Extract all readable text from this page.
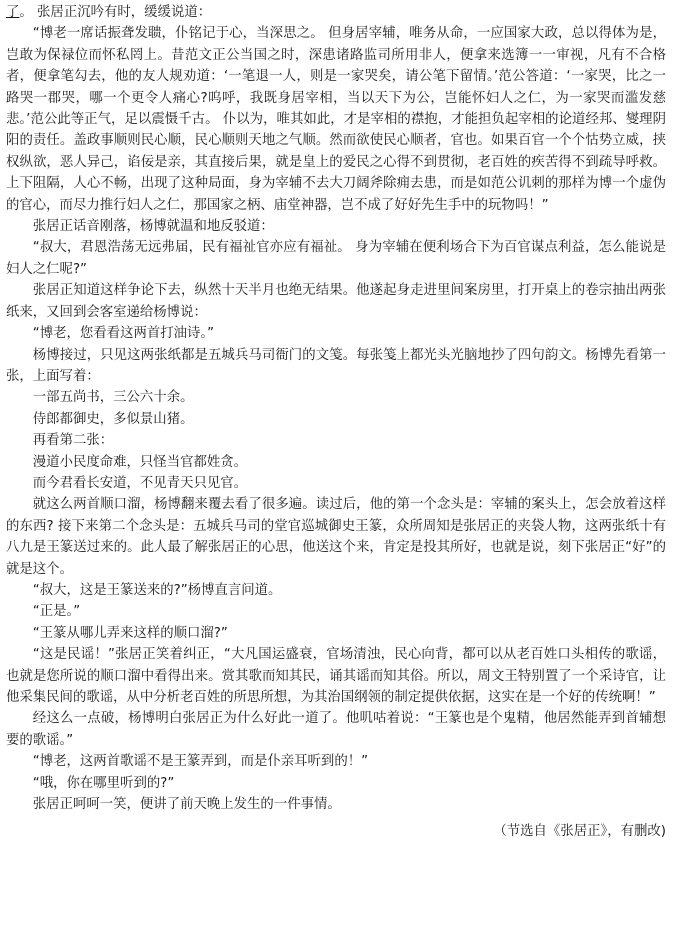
了。 张居正沉吟有时，缓缓说道：

“博老一席话振聋发聩，仆铭记于心，当深思之。 但身居宰辅，唯务从命，一应国家大政，总以得体为是，岂敢为保禄位而怀私罔上。昔范文正公当国之时，深患诸路监司所用非人，便拿来选簿一一审视，凡有不合格者，便拿笔勾去，他的友人规劝道：‘一笔退一人，则是一家哭矣，请公笔下留情。’范公答道：‘一家哭，比之一路哭一郡哭，哪一个更令人痛心?呜呼，我既身居宰相，当以天下为公，岂能怀妇人之仁，为一家哭而滥发慈悲。’范公此等正气，足以震慑千古。 仆以为，唯其如此，才是宰相的襟抱，才能担负起宰相的论道经邦、燮理阴阳的责任。盖政事顺则民心顺，民心顺则天地之气顺。然而欲使民心顺者，官也。如果百官一个个怙势立威，挟权纵欲，恶人异己，谄佞是亲，其直接后果，就是皇上的爱民之心得不到贯彻，老百姓的疾苦得不到疏导呼救。 上下阻隔，人心不畅，出现了这种局面，身为宰辅不去大刀阔斧除痈去患，而是如范公讥刺的那样为博一个虚伪的官心，而尽力推行妇人之仁，那国家之柄、庙堂神器，岂不成了好好先生手中的玩物吗！”

张居正话音刚落，杨博就温和地反驳道：

“叔大，君恩浩荡无远弗届，民有福祉官亦应有福祉。 身为宰辅在便利场合下为百官谋点利益，怎么能说是妇人之仁呢?”

张居正知道这样争论下去，纵然十天半月也绝无结果。他遂起身走进里间案房里，打开桌上的卷宗抽出两张纸来，又回到会客室递给杨博说：

“博老，您看看这两首打油诗。”

杨博接过，只见这两张纸都是五城兵马司衙门的文笺。每张笺上都光头光脑地抄了四句韵文。杨博先看第一张，上面写着：

一部五尚书，三公六十余。

侍郎都御史，多似景山猪。

再看第二张：

漫道小民度命难，只怪当官都姓贪。

而今君看长安道，不见青天只见官。

就这么两首顺口溜，杨博翻来覆去看了很多遍。读过后，他的第一个念头是：宰辅的案头上，怎会放着这样的东西? 接下来第二个念头是：五城兵马司的堂官巡城御史王篆，众所周知是张居正的夹袋人物，这两张纸十有八九是王篆送过来的。此人最了解张居正的心思，他送这个来，肯定是投其所好，也就是说，刻下张居正“好”的就是这个。

“叔大，这是王篆送来的?”杨博直言问道。

“正是。”

“王篆从哪儿弄来这样的顺口溜?”

“这是民谣！”张居正笑着纠正，“大凡国运盛衰，官场清浊，民心向背，都可以从老百姓口头相传的歌谣，也就是您所说的顺口溜中看得出来。赏其歌而知其民，诵其谣而知其俗。所以，周文王特别置了一个采诗官，让他采集民间的歌谣，从中分析老百姓的所思所想，为其治国纲领的制定提供依据，这实在是一个好的传统啊！”

经这么一点破，杨博明白张居正为什么好此一道了。他叽咕着说：“王篆也是个鬼精，他居然能弄到首辅想要的歌谣。”

“博老，这两首歌谣不是王篆弄到，而是仆亲耳听到的！”

“哦，你在哪里听到的?”

张居正呵呵一笑，便讲了前天晚上发生的一件事情。

（节选自《张居正》，有删改)
